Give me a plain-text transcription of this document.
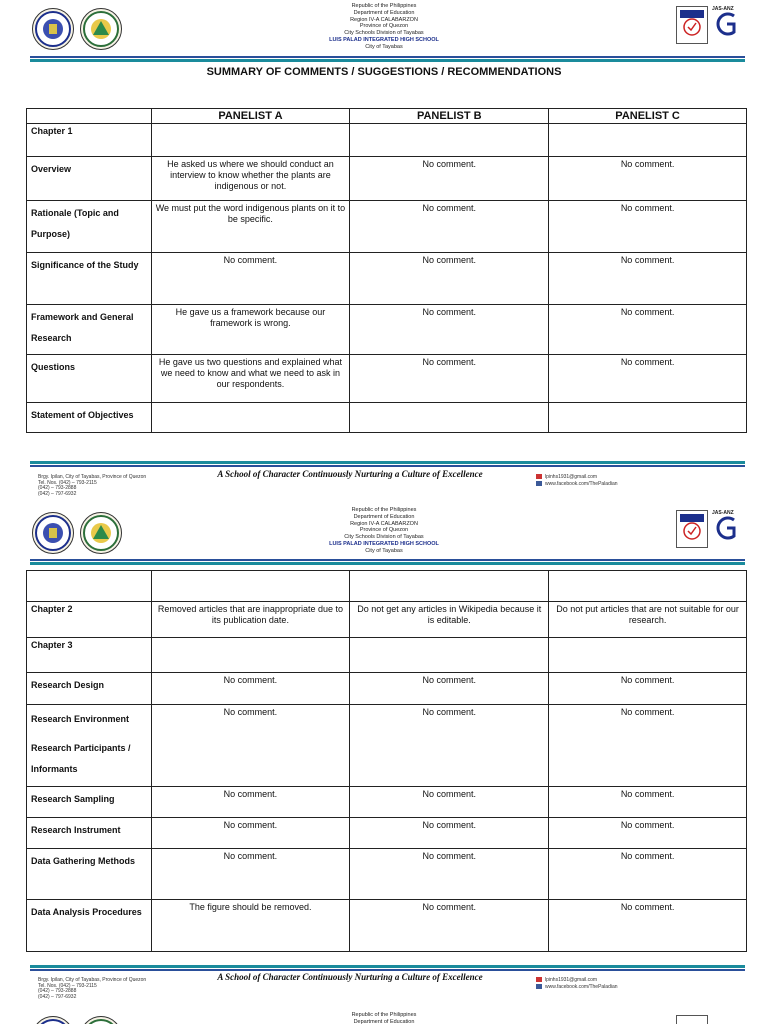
Republic of the Philippines
Department of Education
Region IV-A CALABARZON
Province of Quezon
City Schools Division of Tayabas
LUIS PALAD INTEGRATED HIGH SCHOOL
City of Tayabas
JAS-ANZ
SUMMARY OF COMMENTS / SUGGESTIONS / RECOMMENDATIONS
	PANELIST A	PANELIST B	PANELIST C
Chapter 1			
Overview	He asked us where we should conduct an interview to know whether the plants are indigenous or not.	No comment.	No comment.
Rationale (Topic and Purpose)	We must put the word indigenous plants on it to be specific.	No comment.	No comment.
Significance of the Study	No comment.	No comment.	No comment.
Framework and General Research	He gave us a framework because our framework is wrong.	No comment.	No comment.
Questions	He gave us two questions and explained what we need to know and what we need to ask in our respondents.	No comment.	No comment.
Statement of Objectives			
Brgy. Ipilan, City of Tayabas, Province of Quezon
Tel. Nos. (042) – 793-2115
(042) – 793-2888
(042) – 797-6932
A School of Character Continuously Nurturing a Culture of Excellence	lpinhs1931@gmail.com
www.facebook.com/ThePaladian
Republic of the Philippines
Department of Education
Region IV-A CALABARZON
Province of Quezon
City Schools Division of Tayabas
LUIS PALAD INTEGRATED HIGH SCHOOL
City of Tayabas
JAS-ANZ

Chapter 2	Removed articles that are inappropriate due to its publication date.	Do not get any articles in Wikipedia because it is editable.	Do not put articles that are not suitable for our research.
Chapter 3			
Research Design	No comment.	No comment.	No comment.

Research Environment
Research Participants / Informants	No comment.	No comment.	No comment.
Research Sampling	No comment.	No comment.	No comment.
Research Instrument	No comment.	No comment.	No comment.
Data Gathering Methods	No comment.	No comment.	No comment.
Data Analysis Procedures	The figure should be removed.	No comment.	No comment.
Brgy. Ipilan, City of Tayabas, Province of Quezon
Tel. Nos. (042) – 793-2115
(042) – 793-2888
(042) – 797-6932
A School of Character Continuously Nurturing a Culture of Excellence	lpinhs1931@gmail.com
www.facebook.com/ThePaladian
Republic of the Philippines
Department of Education
